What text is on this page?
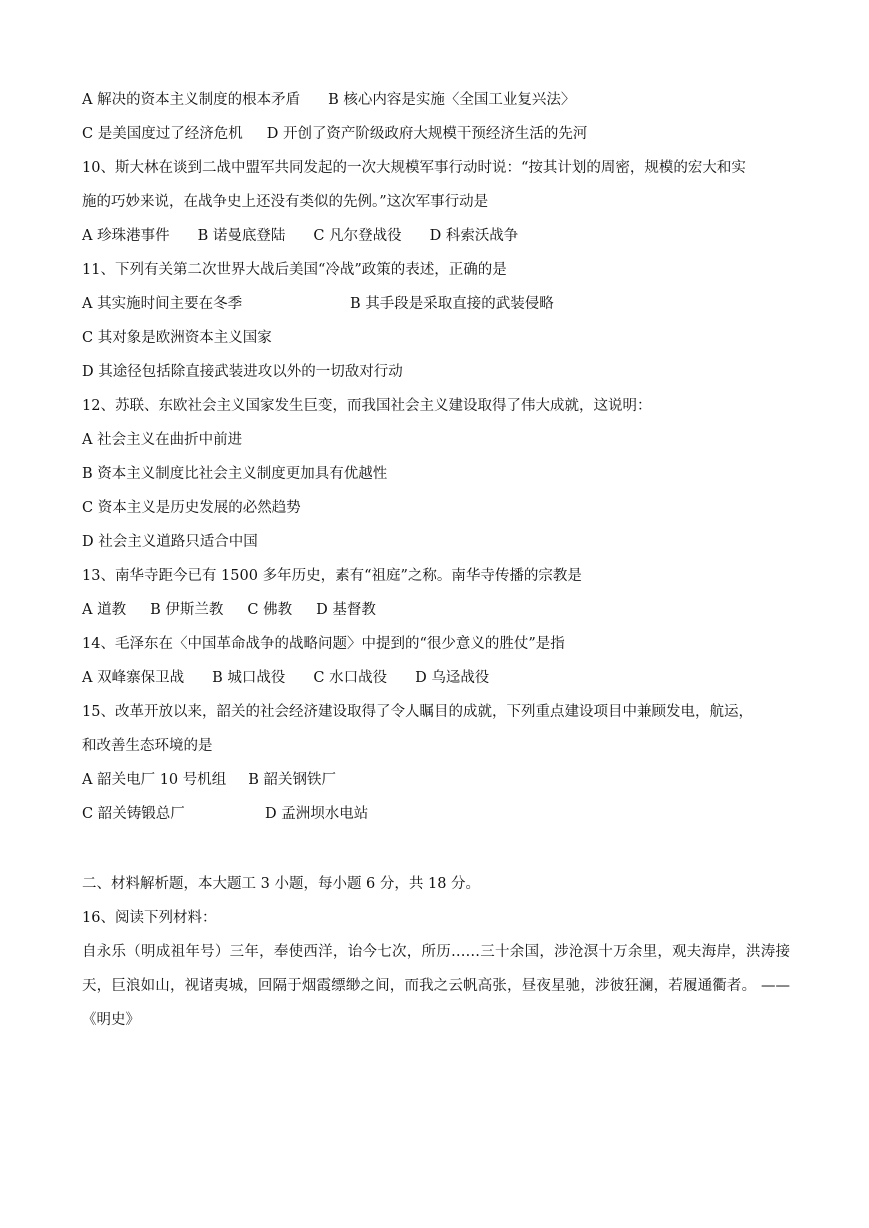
A 解决的资本主义制度的根本矛盾 B 核心内容是实施〈全国工业复兴法〉
C 是美国度过了经济危机 D 开创了资产阶级政府大规模干预经济生活的先河
10、斯大林在谈到二战中盟军共同发起的一次大规模军事行动时说：“按其计划的周密，规模的宏大和实
施的巧妙来说，在战争史上还没有类似的先例。”这次军事行动是
A 珍珠港事件 B 诺曼底登陆 C 凡尔登战役 D 科索沃战争
11、下列有关第二次世界大战后美国“冷战”政策的表述，正确的是
A 其实施时间主要在冬季	B 其手段是采取直接的武装侵略
C 其对象是欧洲资本主义国家
D 其途径包括除直接武装进攻以外的一切敌对行动
12、苏联、东欧社会主义国家发生巨变，而我国社会主义建设取得了伟大成就，这说明：
A 社会主义在曲折中前进
B 资本主义制度比社会主义制度更加具有优越性
C 资本主义是历史发展的必然趋势
D 社会主义道路只适合中国
13、南华寺距今已有 1500 多年历史，素有“祖庭”之称。南华寺传播的宗教是
A 道教 B 伊斯兰教 C 佛教 D 基督教
14、毛泽东在〈中国革命战争的战略问题〉中提到的“很少意义的胜仗”是指
A 双峰寨保卫战 B 城口战役 C 水口战役 D 乌迳战役
15、改革开放以来，韶关的社会经济建设取得了令人瞩目的成就，下列重点建设项目中兼顾发电，航运，
和改善生态环境的是
A 韶关电厂 10 号机组 B 韶关钢铁厂
C 韶关铸锻总厂	D 孟洲坝水电站
二、材料解析题，本大题工 3 小题，每小题 6 分，共 18 分。
16、阅读下列材料：
自永乐（明成祖年号）三年，奉使西洋，诒今七次，所历……三十余国，涉沧溟十万余里，观夫海岸，洪涛接天，巨浪如山，视诸夷城，回隔于烟霞缥缈之间，而我之云帆高张，昼夜星驰，涉彼狂澜，若履通衢者。 ——《明史》
